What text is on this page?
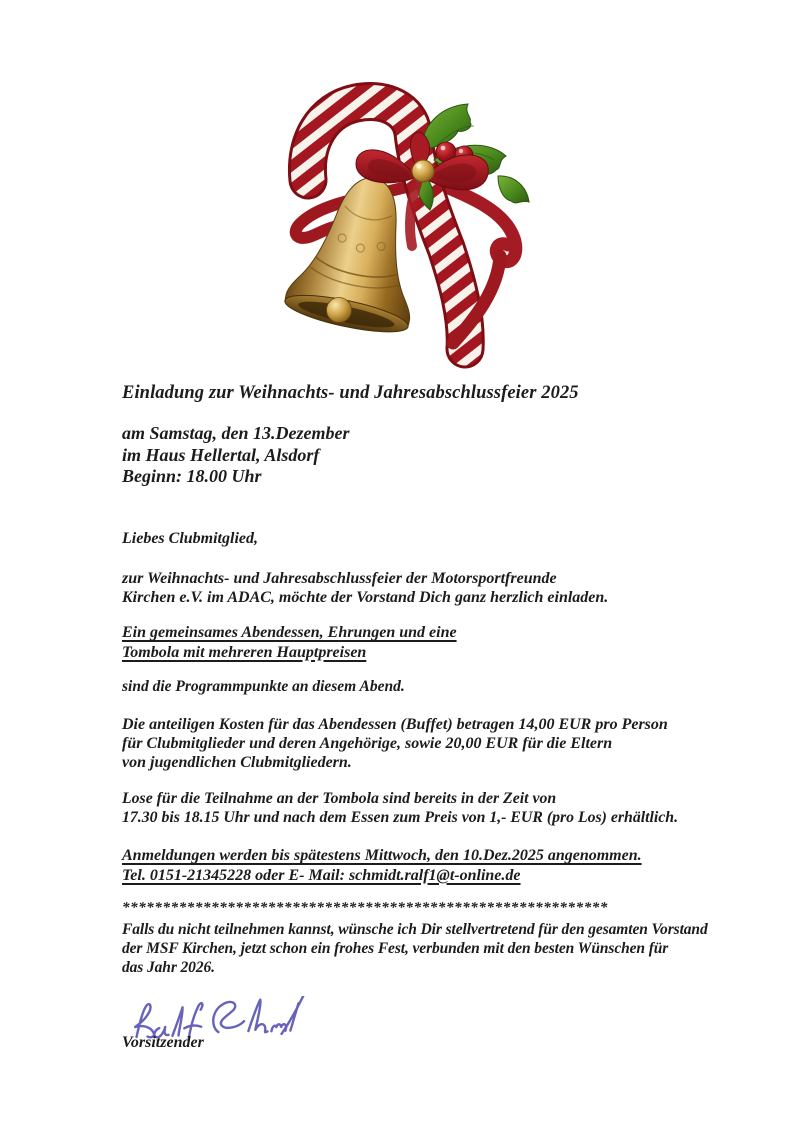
Einladung zur Weihnachts- und Jahresabschlussfeier 2025
am Samstag, den 13.Dezember
im Haus Hellertal, Alsdorf
Beginn: 18.00 Uhr
Liebes Clubmitglied,
zur Weihnachts- und Jahresabschlussfeier der Motorsportfreunde
Kirchen e.V. im ADAC, möchte der Vorstand Dich ganz herzlich einladen.
Ein gemeinsames Abendessen, Ehrungen und eine
Tombola mit mehreren Hauptpreisen
sind die Programmpunkte an diesem Abend.
Die anteiligen Kosten für das Abendessen (Buffet) betragen 14,00 EUR pro Person
für Clubmitglieder und deren Angehörige, sowie 20,00 EUR für die Eltern
von jugendlichen Clubmitgliedern.
Lose für die Teilnahme an der Tombola sind bereits in der Zeit von
17.30 bis 18.15 Uhr und nach dem Essen zum Preis von 1,- EUR (pro Los) erhältlich.
Anmeldungen werden bis spätestens Mittwoch, den 10.Dez.2025 angenommen.
Tel. 0151-21345228 oder E- Mail: schmidt.ralf1@t-online.de
************************************************************
Falls du nicht teilnehmen kannst, wünsche ich Dir stellvertretend für den gesamten Vorstand
der MSF Kirchen, jetzt schon ein frohes Fest, verbunden mit den besten Wünschen für
das Jahr 2026.
Vorsitzender
